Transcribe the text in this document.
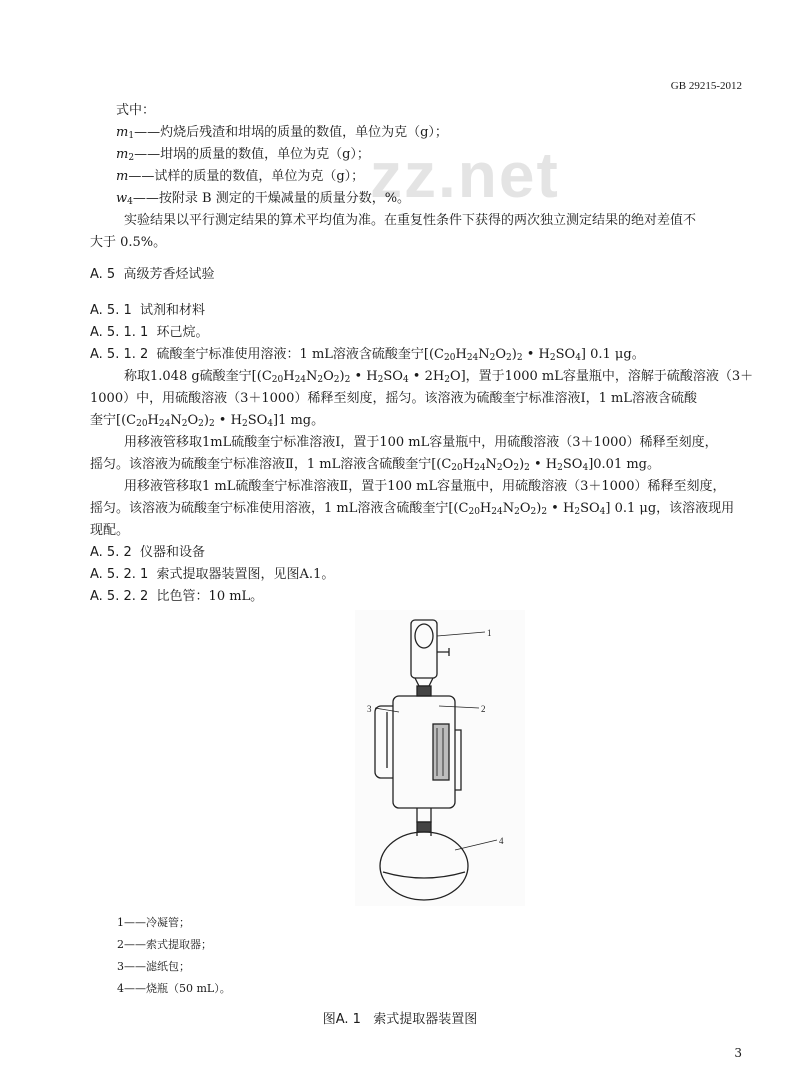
GB 29215-2012
zz.net
式中：
$m_1——$灼烧后残渣和坩埚的质量的数值，单位为克（g）；
$m_2——$坩埚的质量的数值，单位为克（g）；
m——试样的质量的数值，单位为克（g）；
$w_4——$按附录 B 测定的干燥减量的质量分数，%。
实验结果以平行测定结果的算术平均值为准。在重复性条件下获得的两次独立测定结果的绝对差值不
大于 0.5%。
A. 5 高级芳香烃试验
A. 5. 1 试剂和材料
A. 5. 1. 1 环己烷。
A. 5. 1. 2 硫酸奎宁标准使用溶液：1 mL溶液含硫酸奎宁[$(C_{20}H_{24}N_2O_2)_2$ • $H_2SO_4$] 0.1 μg。
称取1.048 g硫酸奎宁[$(C_{20}H_{24}N_2O_2)_2$ • $H_2SO_4$ • $2H_2O$]，置于1000 mL容量瓶中，溶解于硫酸溶液（3＋
1000）中，用硫酸溶液（3＋1000）稀释至刻度，摇匀。该溶液为硫酸奎宁标准溶液Ⅰ，1 mL溶液含硫酸
奎宁[$(C_{20}H_{24}N_2O_2)_2$ • $H_2SO_4]1$ mg。
用移液管移取1mL硫酸奎宁标准溶液Ⅰ，置于100 mL容量瓶中，用硫酸溶液（3＋1000）稀释至刻度，
摇匀。该溶液为硫酸奎宁标准溶液Ⅱ，1 mL溶液含硫酸奎宁[$(C_{20}H_{24}N_2O_2)_2$ • $H_2SO_4]0.01$ mg。
用移液管移取1 mL硫酸奎宁标准溶液Ⅱ，置于100 mL容量瓶中，用硫酸溶液（3＋1000）稀释至刻度，
摇匀。该溶液为硫酸奎宁标准使用溶液，1 mL溶液含硫酸奎宁[$(C_{20}H_{24}N_2O_2)_2$ • $H_2SO_4$] 0.1 μg，该溶液现用
现配。
A. 5. 2 仪器和设备
A. 5. 2. 1 索式提取器装置图，见图A.1。
A. 5. 2. 2 比色管：10 mL。
1
2
3
4
1——冷凝管；
2——索式提取器；
3——滤纸包；
4——烧瓶（50 mL）。
图A. 1 索式提取器装置图
3
